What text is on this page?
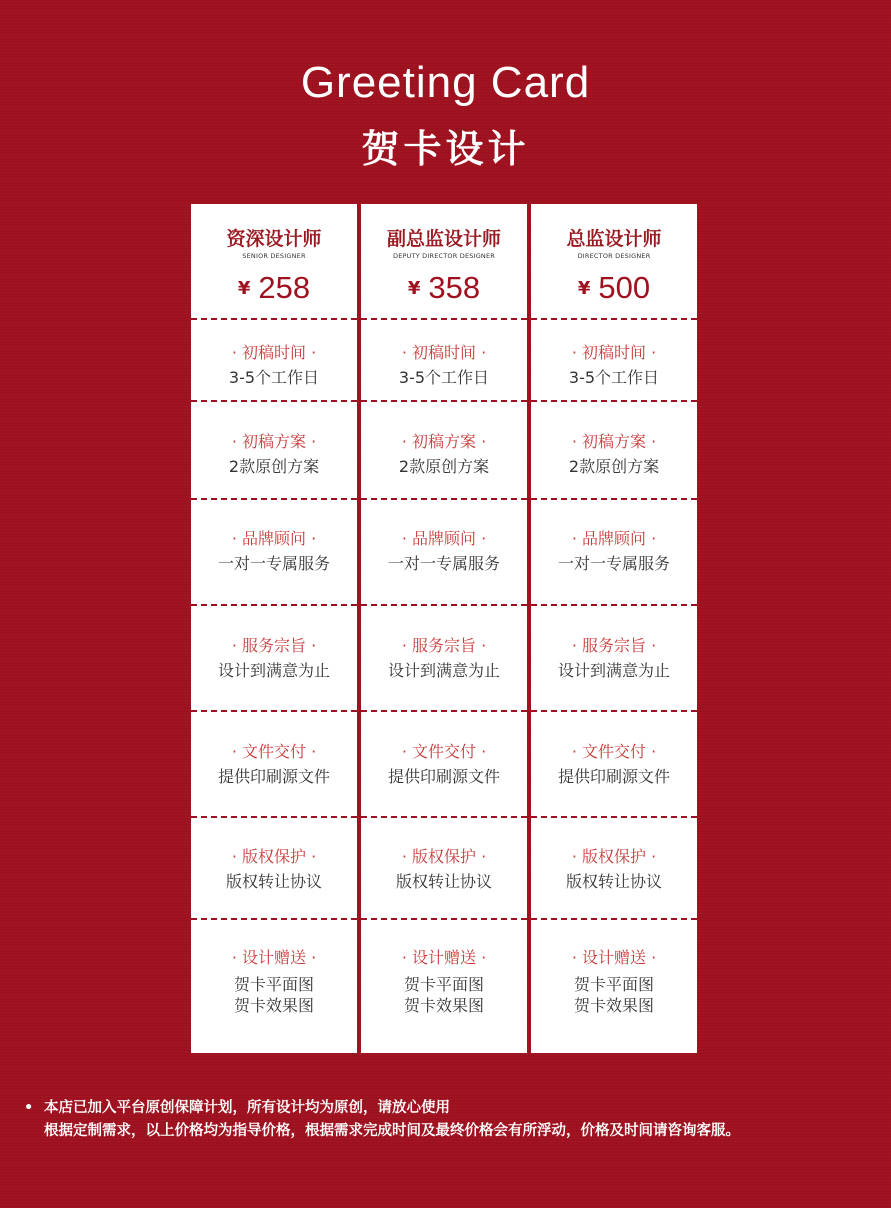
Greeting Card
贺卡设计
资深设计师
SENIOR DESIGNER
¥ 258
· 初稿时间 ·
3-5个工作日
· 初稿方案 ·
2款原创方案
· 品牌顾问 ·
一对一专属服务
· 服务宗旨 ·
设计到满意为止
· 文件交付 ·
提供印刷源文件
· 版权保护 ·
版权转让协议
· 设计赠送 ·
贺卡平面图
贺卡效果图
副总监设计师
DEPUTY DIRECTOR DESIGNER
¥ 358
· 初稿时间 ·
3-5个工作日
· 初稿方案 ·
2款原创方案
· 品牌顾问 ·
一对一专属服务
· 服务宗旨 ·
设计到满意为止
· 文件交付 ·
提供印刷源文件
· 版权保护 ·
版权转让协议
· 设计赠送 ·
贺卡平面图
贺卡效果图
总监设计师
DIRECTOR DESIGNER
¥ 500
· 初稿时间 ·
3-5个工作日
· 初稿方案 ·
2款原创方案
· 品牌顾问 ·
一对一专属服务
· 服务宗旨 ·
设计到满意为止
· 文件交付 ·
提供印刷源文件
· 版权保护 ·
版权转让协议
· 设计赠送 ·
贺卡平面图
贺卡效果图
• 本店已加入平台原创保障计划，所有设计均为原创，请放心使用
根据定制需求，以上价格均为指导价格，根据需求完成时间及最终价格会有所浮动，价格及时间请咨询客服。
